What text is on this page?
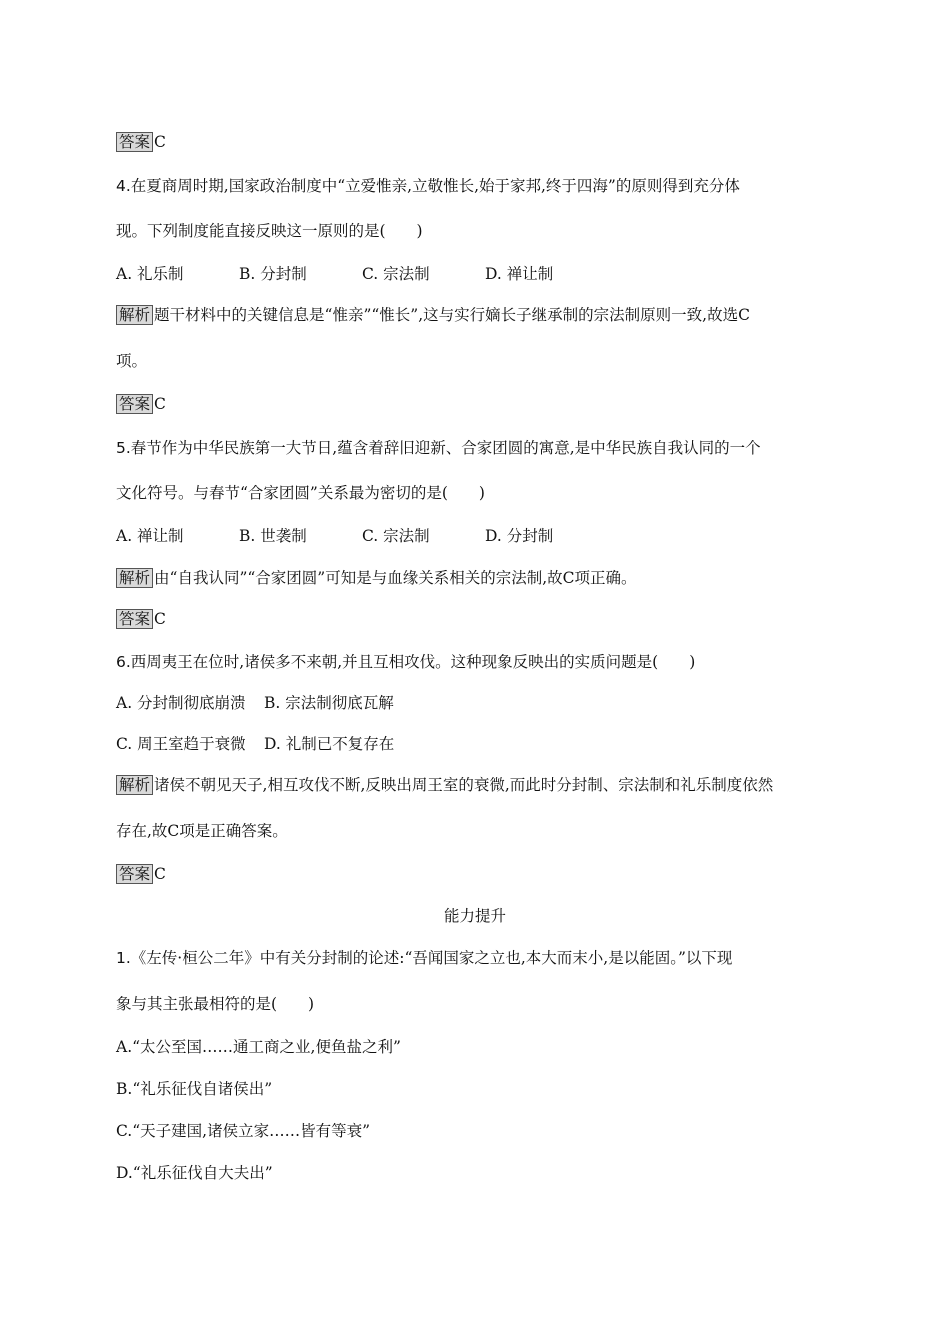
答案 C
4.在夏商周时期,国家政治制度中“立爱惟亲,立敬惟长,始于家邦,终于四海”的原则得到充分体
现。下列制度能直接反映这一原则的是(　　)
A. 礼乐制	B. 分封制	C. 宗法制	D. 禅让制
解析 题干材料中的关键信息是“惟亲”“惟长”,这与实行嫡长子继承制的宗法制原则一致,故选C
项。
答案 C
5.春节作为中华民族第一大节日,蕴含着辞旧迎新、合家团圆的寓意,是中华民族自我认同的一个
文化符号。与春节“合家团圆”关系最为密切的是(　　)
A. 禅让制	B. 世袭制	C. 宗法制	D. 分封制
解析 由“自我认同”“合家团圆”可知是与血缘关系相关的宗法制,故C项正确。
答案 C
6.西周夷王在位时,诸侯多不来朝,并且互相攻伐。这种现象反映出的实质问题是(　　)
A. 分封制彻底崩溃 B. 宗法制彻底瓦解
C. 周王室趋于衰微 D. 礼制已不复存在
解析 诸侯不朝见天子,相互攻伐不断,反映出周王室的衰微,而此时分封制、宗法制和礼乐制度依然
存在,故C项是正确答案。
答案 C
能力提升
1.《左传·桓公二年》中有关分封制的论述:“吾闻国家之立也,本大而末小,是以能固。”以下现
象与其主张最相符的是(　　)
A.“太公至国……通工商之业,便鱼盐之利”
B.“礼乐征伐自诸侯出”
C.“天子建国,诸侯立家……皆有等衰”
D.“礼乐征伐自大夫出”
